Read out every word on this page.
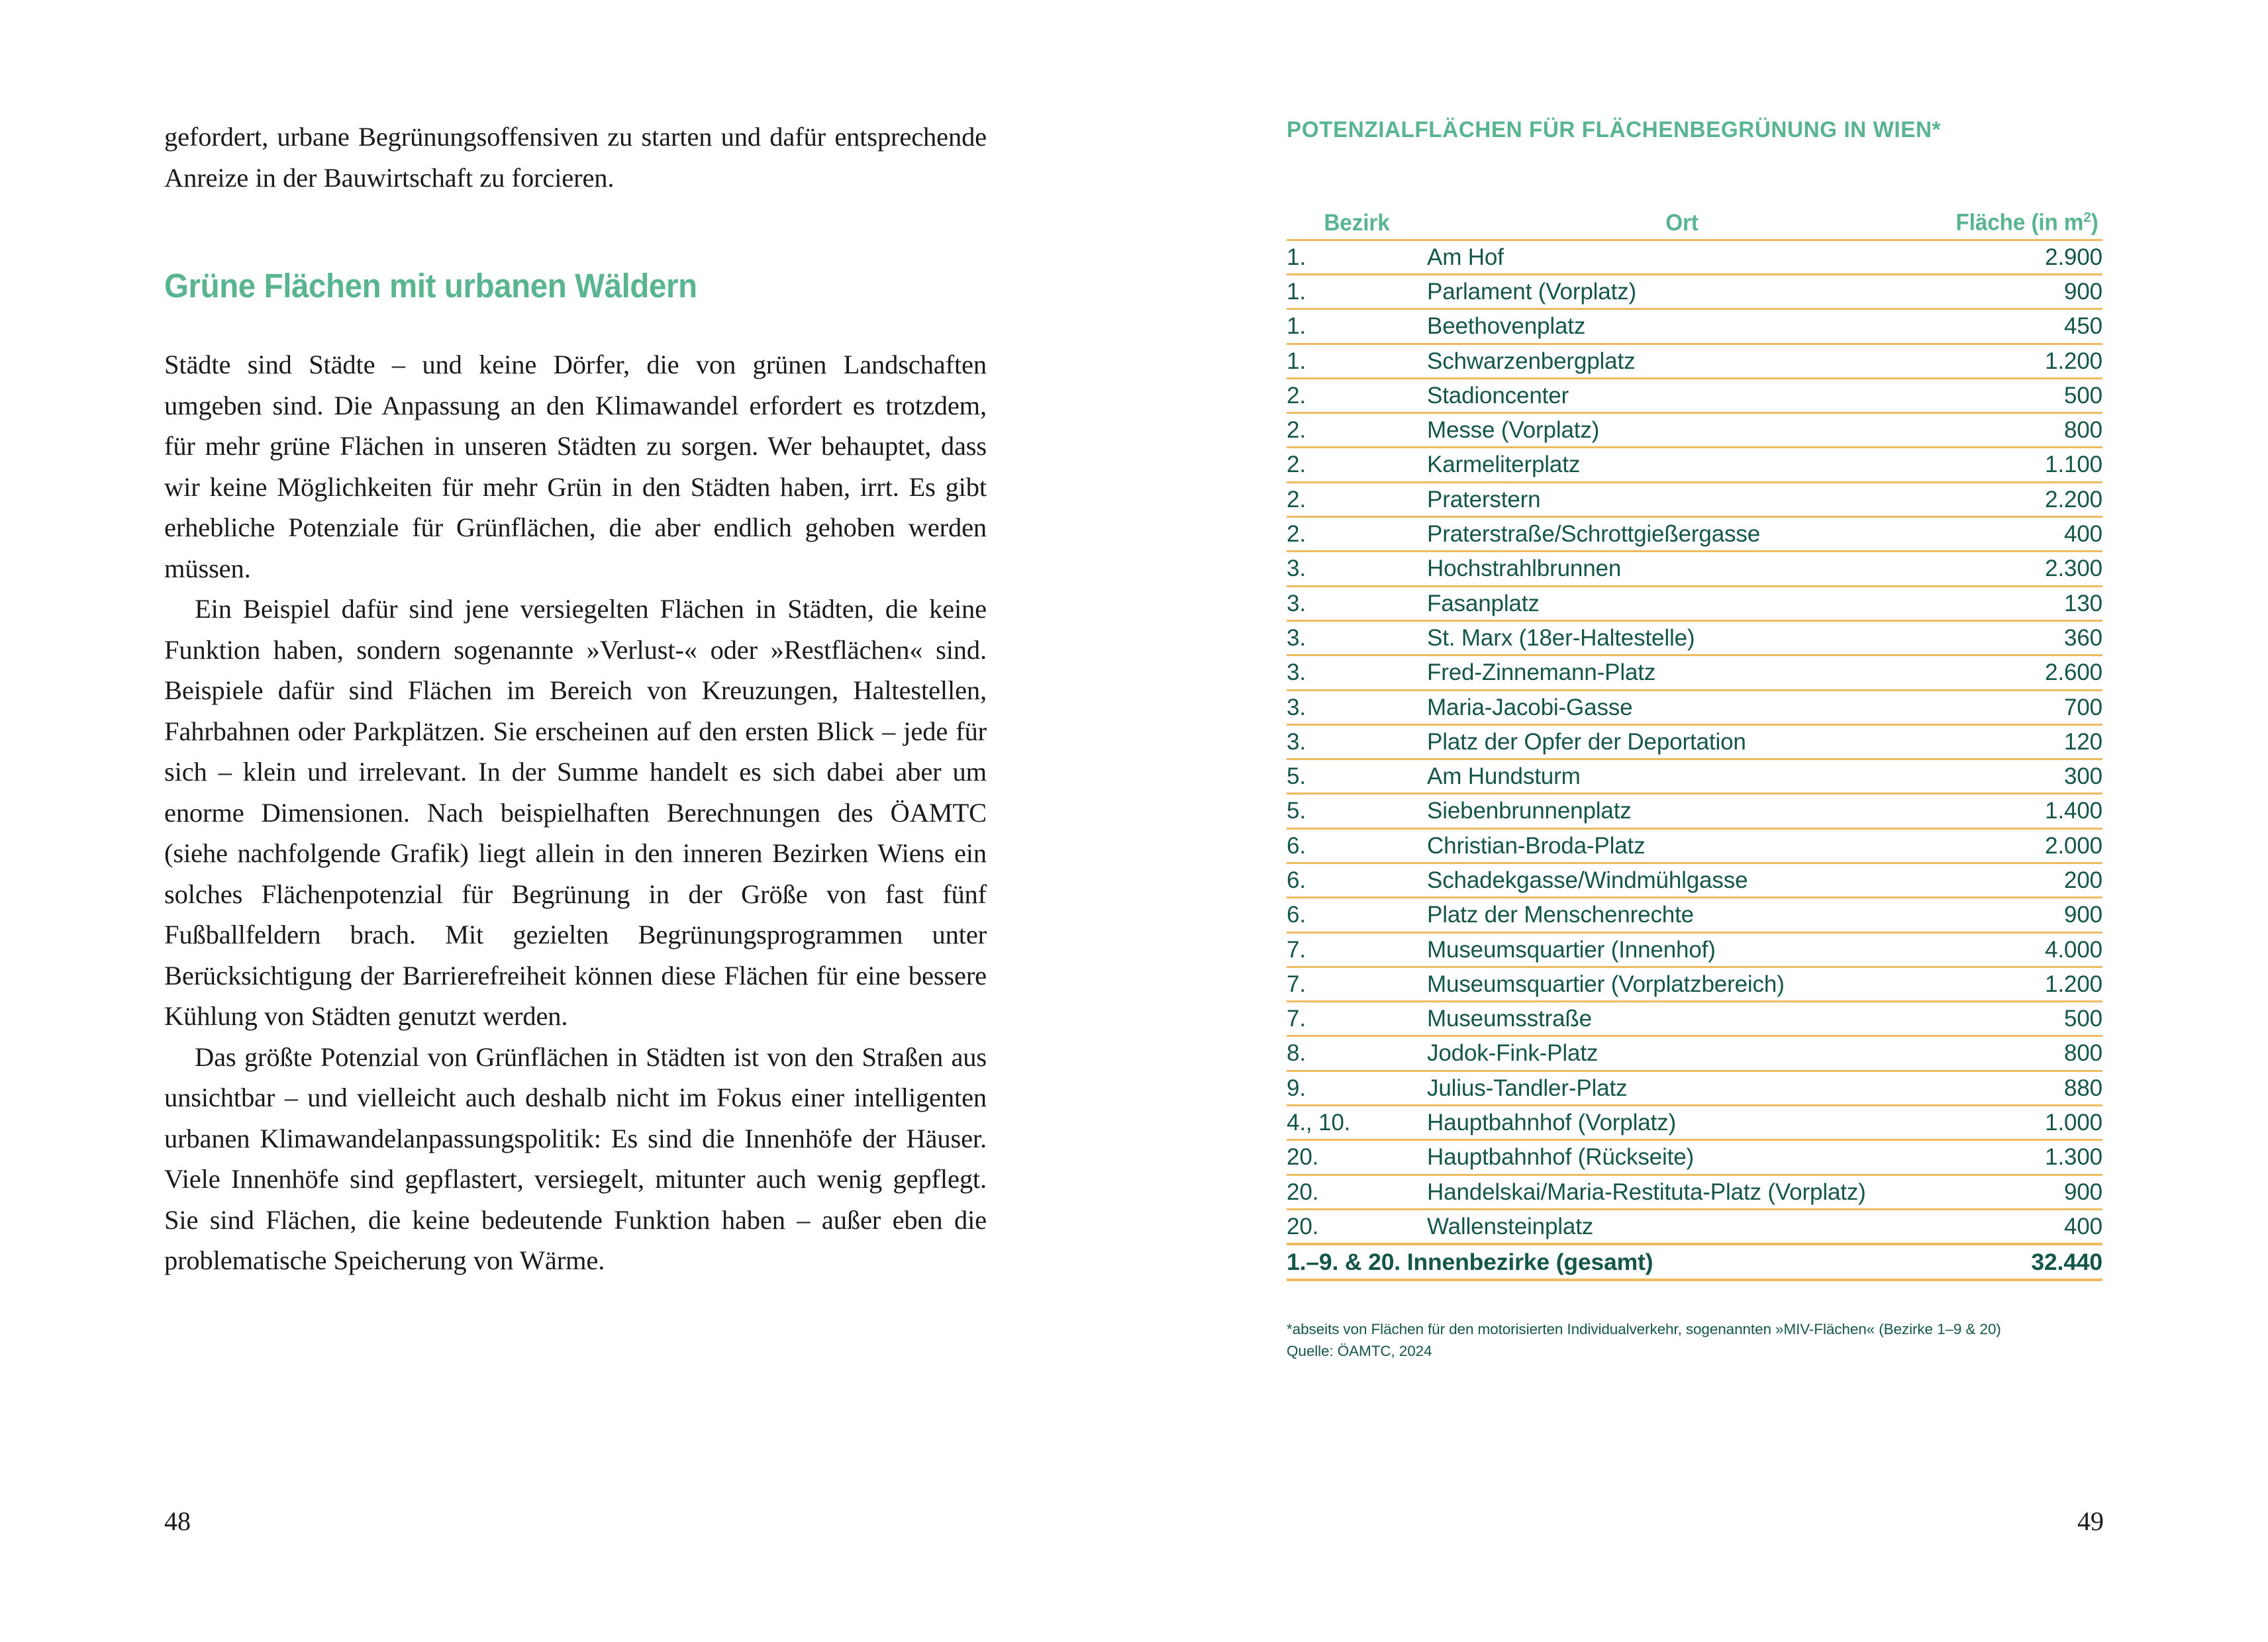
gefordert, urbane Begrünungsoffensiven zu starten und dafür entsprechende Anreize in der Bauwirtschaft zu forcieren.

Grüne Flächen mit urbanen Wäldern

Städte sind Städte – und keine Dörfer, die von grünen Landschaften umgeben sind. Die Anpassung an den Klimawandel erfordert es trotzdem, für mehr grüne Flächen in unseren Städten zu sorgen. Wer behauptet, dass wir keine Möglichkeiten für mehr Grün in den Städten haben, irrt. Es gibt erhebliche Potenziale für Grünflächen, die aber endlich gehoben werden müssen.

Ein Beispiel dafür sind jene versiegelten Flächen in Städten, die keine Funktion haben, sondern sogenannte »Verlust-« oder »Restflächen« sind. Beispiele dafür sind Flächen im Bereich von Kreuzungen, Haltestellen, Fahrbahnen oder Parkplätzen. Sie erscheinen auf den ersten Blick – jede für sich – klein und irrelevant. In der Summe handelt es sich dabei aber um enorme Dimensionen. Nach beispielhaften Berechnungen des ÖAMTC (siehe nachfolgende Grafik) liegt allein in den inneren Bezirken Wiens ein solches Flächenpotenzial für Begrünung in der Größe von fast fünf Fußballfeldern brach. Mit gezielten Begrünungsprogrammen unter Berücksichtigung der Barrierefreiheit können diese Flächen für eine bessere Kühlung von Städten genutzt werden.

Das größte Potenzial von Grünflächen in Städten ist von den Straßen aus unsichtbar – und vielleicht auch deshalb nicht im Fokus einer intelligenten urbanen Klimawandelanpassungspolitik: Es sind die Innenhöfe der Häuser. Viele Innenhöfe sind gepflastert, versiegelt, mitunter auch wenig gepflegt. Sie sind Flächen, die keine bedeutende Funktion haben – außer eben die problematische Speicherung von Wärme.

48
POTENZIALFLÄCHEN FÜR FLÄCHENBEGRÜNUNG IN WIEN*
Bezirk	Ort	Fläche (in $m^2$)
1.	Am Hof	2.900
1.	Parlament (Vorplatz)	900
1.	Beethovenplatz	450
1.	Schwarzenbergplatz	1.200
2.	Stadioncenter	500
2.	Messe (Vorplatz)	800
2.	Karmeliterplatz	1.100
2.	Praterstern	2.200
2.	Praterstraße/Schrottgießergasse	400
3.	Hochstrahlbrunnen	2.300
3.	Fasanplatz	130
3.	St. Marx (18er-Haltestelle)	360
3.	Fred-Zinnemann-Platz	2.600
3.	Maria-Jacobi-Gasse	700
3.	Platz der Opfer der Deportation	120
5.	Am Hundsturm	300
5.	Siebenbrunnenplatz	1.400
6.	Christian-Broda-Platz	2.000
6.	Schadekgasse/Windmühlgasse	200
6.	Platz der Menschenrechte	900
7.	Museumsquartier (Innenhof)	4.000
7.	Museumsquartier (Vorplatzbereich)	1.200
7.	Museumsstraße	500
8.	Jodok-Fink-Platz	800
9.	Julius-Tandler-Platz	880
4., 10.	Hauptbahnhof (Vorplatz)	1.000
20.	Hauptbahnhof (Rückseite)	1.300
20.	Handelskai/Maria-Restituta-Platz (Vorplatz)	900
20.	Wallensteinplatz	400
1.–9. & 20. Innenbezirke (gesamt)		32.440
*abseits von Flächen für den motorisierten Individualverkehr, sogenannten »MIV-Flächen« (Bezirke 1–9 & 20)
Quelle: ÖAMTC, 2024
49
